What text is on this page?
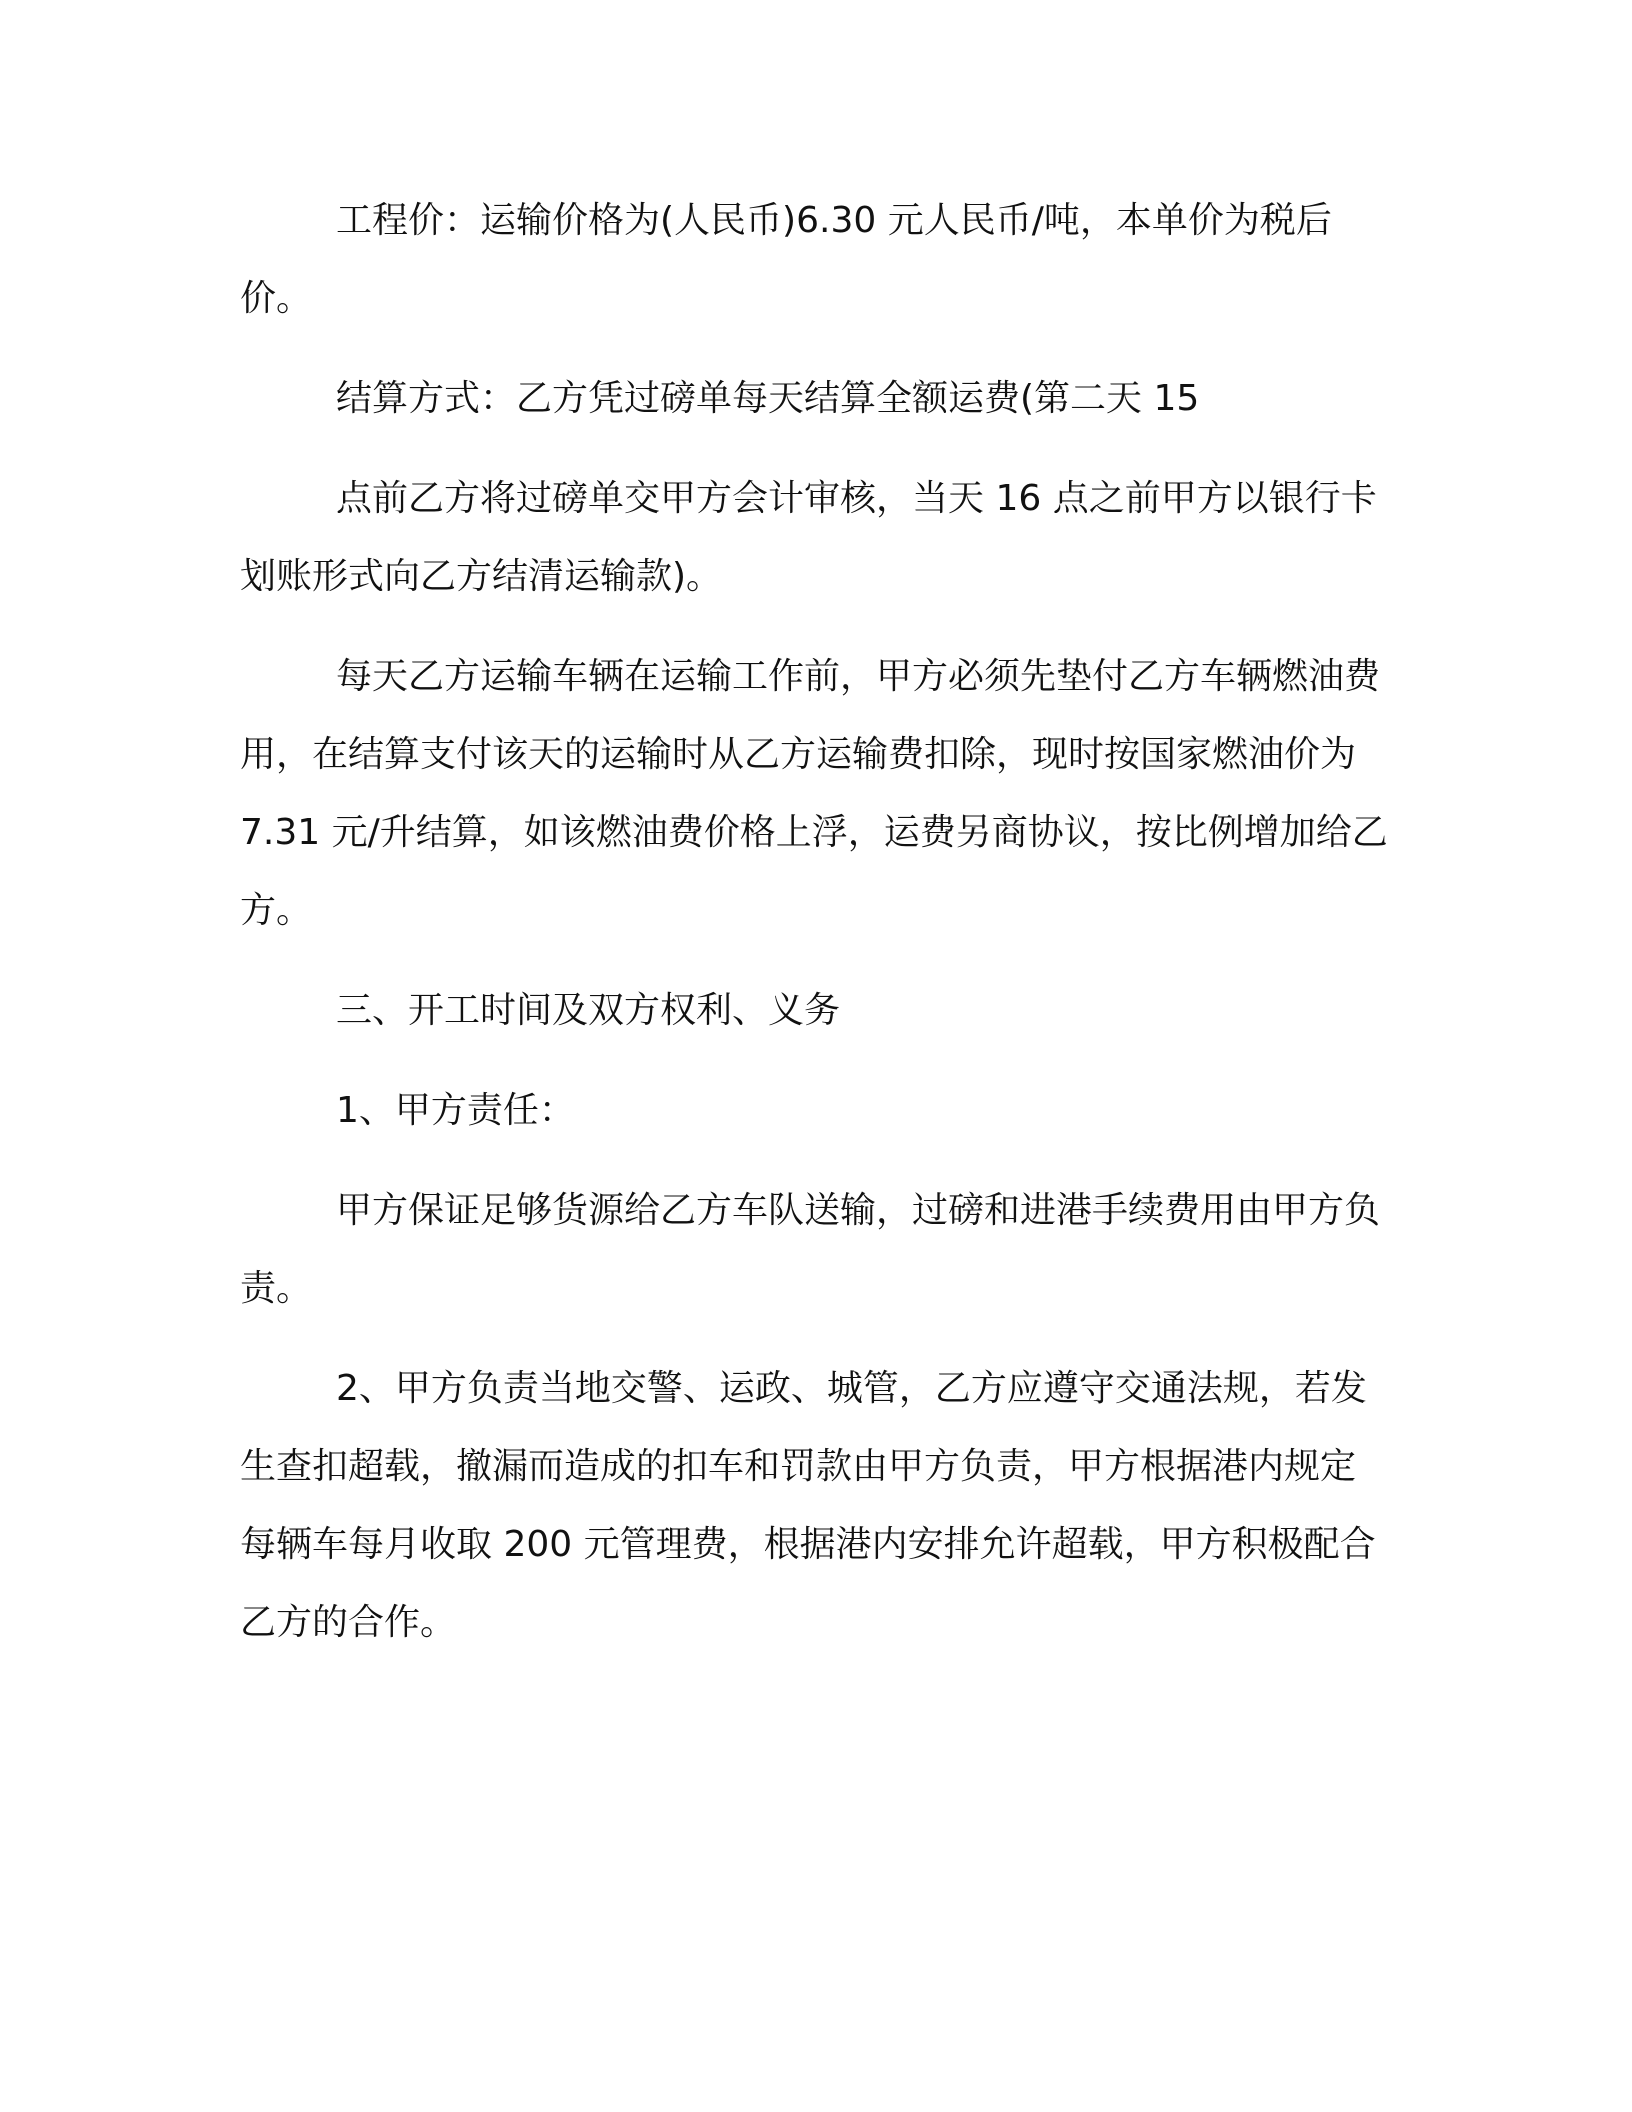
工程价：运输价格为(人民币)6.30 元人民币/吨，本单价为税后价。

结算方式：乙方凭过磅单每天结算全额运费(第二天 15

点前乙方将过磅单交甲方会计审核，当天 16 点之前甲方以银行卡划账形式向乙方结清运输款)。

每天乙方运输车辆在运输工作前，甲方必须先垫付乙方车辆燃油费用，在结算支付该天的运输时从乙方运输费扣除，现时按国家燃油价为 7.31 元/升结算，如该燃油费价格上浮，运费另商协议，按比例增加给乙方。

三、开工时间及双方权利、义务

1、甲方责任：

甲方保证足够货源给乙方车队送输，过磅和进港手续费用由甲方负责。

2、甲方负责当地交警、运政、城管，乙方应遵守交通法规，若发生查扣超载，撤漏而造成的扣车和罚款由甲方负责，甲方根据港内规定每辆车每月收取 200 元管理费，根据港内安排允许超载，甲方积极配合乙方的合作。
